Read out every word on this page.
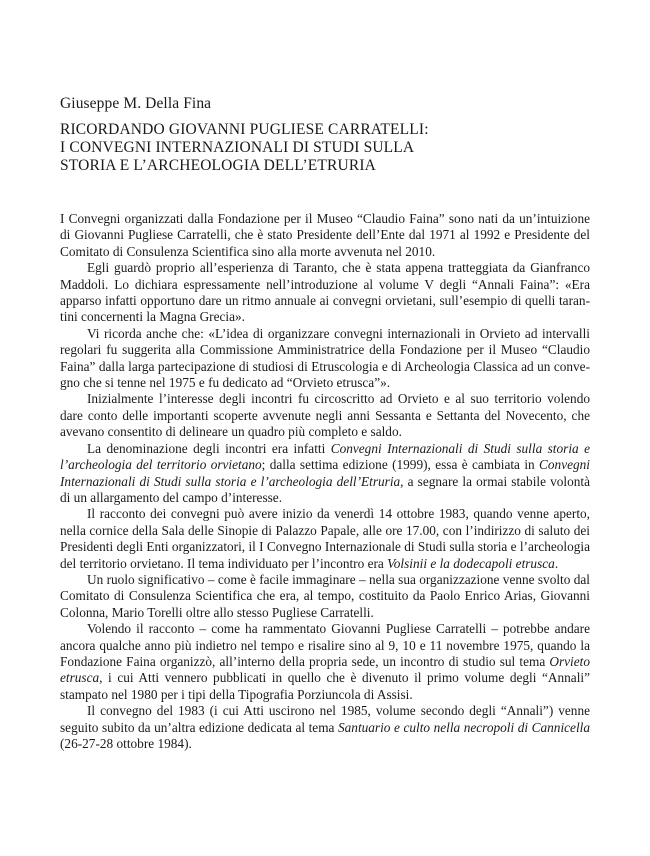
Giuseppe M. Della Fina
RICORDANDO GIOVANNI PUGLIESE CARRATELLI:
I CONVEGNI INTERNAZIONALI DI STUDI SULLA
STORIA E L’ARCHEOLOGIA DELL’ETRURIA

I Convegni organizzati dalla Fondazione per il Museo “Claudio Faina” sono nati da un’intuizione di Giovanni Pugliese Carratelli, che è stato Presidente dell’Ente dal 1971 al 1992 e Presidente del Comitato di Consulenza Scientifica sino alla morte avvenuta nel 2010.

Egli guardò proprio all’esperienza di Taranto, che è stata appena tratteggiata da Gianfranco Maddoli. Lo dichiara espressamente nell’introduzione al volume V degli “Annali Faina”: «Era apparso infatti opportuno dare un ritmo annuale ai convegni orvietani, sull’esempio di quelli tarantini concernenti la Magna Grecia».

Vi ricorda anche che: «L’idea di organizzare convegni internazionali in Orvieto ad intervalli regolari fu suggerita alla Commissione Amministratrice della Fondazione per il Museo “Claudio Faina” dalla larga partecipazione di studiosi di Etruscologia e di Archeologia Classica ad un convegno che si tenne nel 1975 e fu dedicato ad “Orvieto etrusca”».

Inizialmente l’interesse degli incontri fu circoscritto ad Orvieto e al suo territorio volendo dare conto delle importanti scoperte avvenute negli anni Sessanta e Settanta del Novecento, che avevano consentito di delineare un quadro più completo e saldo.

La denominazione degli incontri era infatti Convegni Internazionali di Studi sulla storia e l’archeologia del territorio orvietano; dalla settima edizione (1999), essa è cambiata in Convegni Internazionali di Studi sulla storia e l’archeologia dell’Etruria, a segnare la ormai stabile volontà di un allargamento del campo d’interesse.

Il racconto dei convegni può avere inizio da venerdì 14 ottobre 1983, quando venne aperto, nella cornice della Sala delle Sinopie di Palazzo Papale, alle ore 17.00, con l’indirizzo di saluto dei Presidenti degli Enti organizzatori, il I Convegno Internazionale di Studi sulla storia e l’archeologia del territorio orvietano. Il tema individuato per l’incontro era Volsinii e la dodecapoli etrusca.

Un ruolo significativo – come è facile immaginare – nella sua organizzazione venne svolto dal Comitato di Consulenza Scientifica che era, al tempo, costituito da Paolo Enrico Arias, Giovanni Colonna, Mario Torelli oltre allo stesso Pugliese Carratelli.

Volendo il racconto – come ha rammentato Giovanni Pugliese Carratelli – potrebbe andare ancora qualche anno più indietro nel tempo e risalire sino al 9, 10 e 11 novembre 1975, quando la Fondazione Faina organizzò, all’interno della propria sede, un incontro di studio sul tema Orvieto etrusca, i cui Atti vennero pubblicati in quello che è divenuto il primo volume degli “Annali” stampato nel 1980 per i tipi della Tipografia Porziuncola di Assisi.

Il convegno del 1983 (i cui Atti uscirono nel 1985, volume secondo degli “Annali”) venne seguito subito da un’altra edizione dedicata al tema Santuario e culto nella necropoli di Cannicella (26-27-28 ottobre 1984).
